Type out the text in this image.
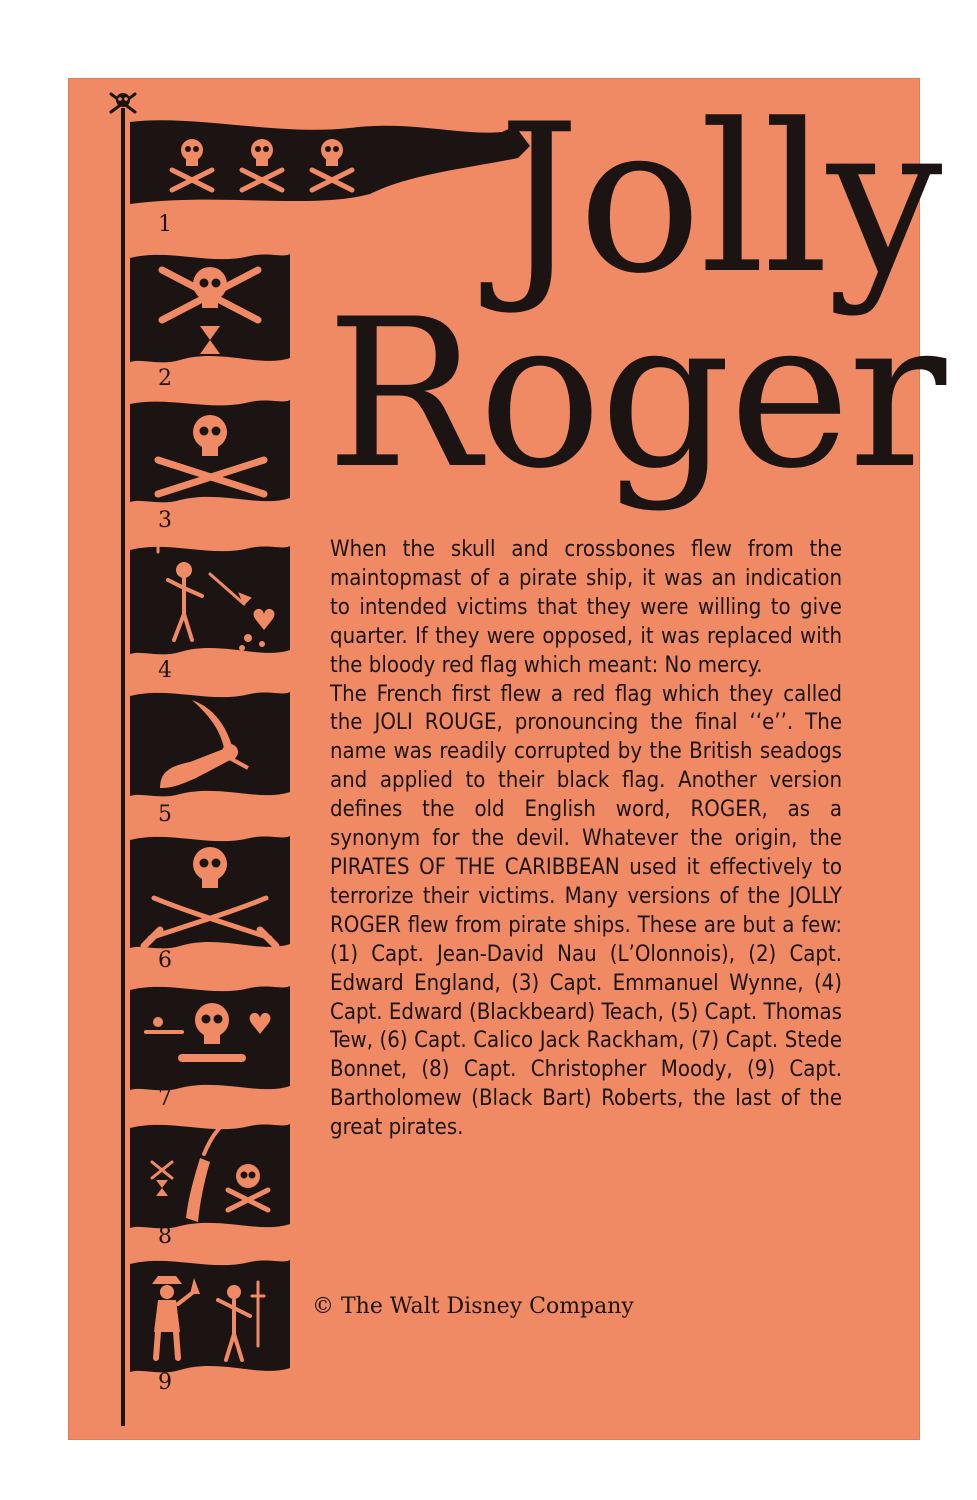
1
2
3
4
5
6
7
8
9
Jolly
Roger

When the skull and crossbones flew from the maintopmast of a pirate ship, it was an indication to intended victims that they were willing to give quarter. If they were opposed, it was replaced with the bloody red flag which meant: No mercy.

The French first flew a red flag which they called the JOLI ROUGE, pronouncing the final ‘‘e’’. The name was readily corrupted by the British seadogs and applied to their black flag. Another version defines the old English word, ROGER, as a synonym for the devil. Whatever the origin, the PIRATES OF THE CARIBBEAN used it effectively to terrorize their victims. Many versions of the JOLLY ROGER flew from pirate ships. These are but a few: (1) Capt. Jean-David Nau (L’Olonnois), (2) Capt. Edward England, (3) Capt. Emmanuel Wynne, (4) Capt. Edward (Blackbeard) Teach, (5) Capt. Thomas Tew, (6) Capt. Calico Jack Rackham, (7) Capt. Stede Bonnet, (8) Capt. Christopher Moody, (9) Capt. Bartholomew (Black Bart) Roberts, the last of the great pirates.

© The Walt Disney Company
